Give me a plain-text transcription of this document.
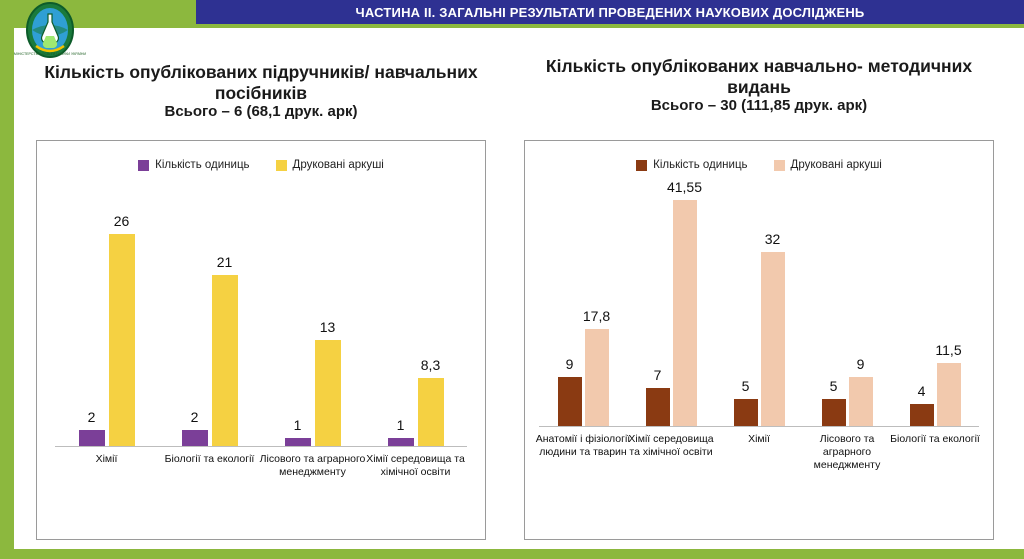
ЧАСТИНА II. ЗАГАЛЬНІ РЕЗУЛЬТАТИ ПРОВЕДЕНИХ НАУКОВИХ ДОСЛІДЖЕНЬ
МІНІСТЕРСТВО ОСВІТИ І НАУКИ УКРАЇНИ
Кількість опублікованих підручників/ навчальних посібників
Всього – 6 (68,1 друк. арк)
Кількість опублікованих навчально- методичних видань
Всього – 30 (111,85 друк. арк)
Кількість одиниць	Друковані аркуші
2
26
Хімії
2
21
Біології та екології
1
13
Лісового та аграрного менеджменту
1
8,3
Хімії середовища та хімічної освіти
Кількість одиниць	Друковані аркуші
9
17,8
Анатомії і фізіології людини та тварин
7
41,55
Хімії середовища та хімічної освіти
5
32
Хімії
5
9
Лісового та аграрного менеджменту
4
11,5
Біології та екології
